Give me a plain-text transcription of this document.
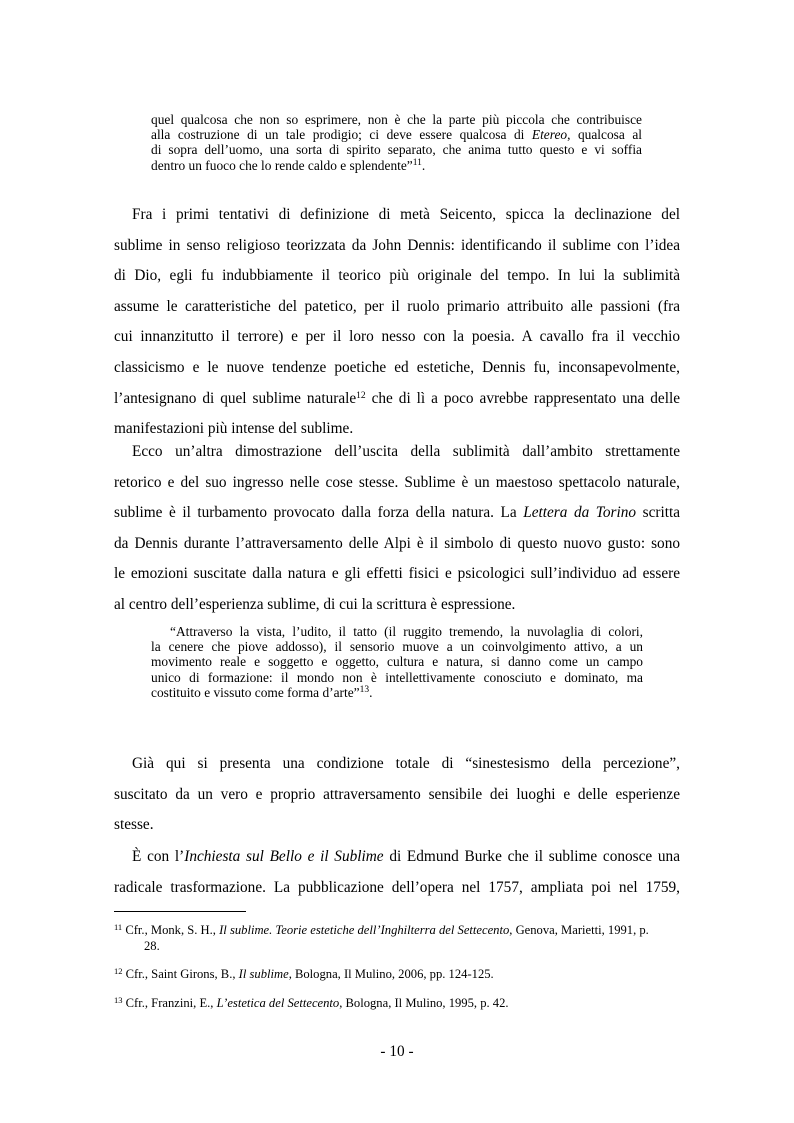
quel qualcosa che non so esprimere, non è che la parte più piccola che contribuisce
alla costruzione di un tale prodigio; ci deve essere qualcosa di Etereo, qualcosa al
di sopra dell’uomo, una sorta di spirito separato, che anima tutto questo e vi soffia
dentro un fuoco che lo rende caldo e splendente”$^{11}$.
Fra i primi tentativi di definizione di metà Seicento, spicca la declinazione del
sublime in senso religioso teorizzata da John Dennis: identificando il sublime con l’idea
di Dio, egli fu indubbiamente il teorico più originale del tempo. In lui la sublimità
assume le caratteristiche del patetico, per il ruolo primario attribuito alle passioni (fra
cui innanzitutto il terrore) e per il loro nesso con la poesia. A cavallo fra il vecchio
classicismo e le nuove tendenze poetiche ed estetiche, Dennis fu, inconsapevolmente,
l’antesignano di quel sublime naturale$^{12}$ che di lì a poco avrebbe rappresentato una delle
manifestazioni più intense del sublime.
Ecco un’altra dimostrazione dell’uscita della sublimità dall’ambito strettamente
retorico e del suo ingresso nelle cose stesse. Sublime è un maestoso spettacolo naturale,
sublime è il turbamento provocato dalla forza della natura. La Lettera da Torino scritta
da Dennis durante l’attraversamento delle Alpi è il simbolo di questo nuovo gusto: sono
le emozioni suscitate dalla natura e gli effetti fisici e psicologici sull’individuo ad essere
al centro dell’esperienza sublime, di cui la scrittura è espressione.
“Attraverso la vista, l’udito, il tatto (il ruggito tremendo, la nuvolaglia di colori,
la cenere che piove addosso), il sensorio muove a un coinvolgimento attivo, a un
movimento reale e soggetto e oggetto, cultura e natura, si danno come un campo
unico di formazione: il mondo non è intellettivamente conosciuto e dominato, ma
costituito e vissuto come forma d’arte”$^{13}$.
Già qui si presenta una condizione totale di “sinestesismo della percezione”,
suscitato da un vero e proprio attraversamento sensibile dei luoghi e delle esperienze
stesse.
È con l’Inchiesta sul Bello e il Sublime di Edmund Burke che il sublime conosce una
radicale trasformazione. La pubblicazione dell’opera nel 1757, ampliata poi nel 1759,
$^{11}$ Cfr., Monk, S. H., Il sublime. Teorie estetiche dell’Inghilterra del Settecento, Genova, Marietti, 1991, p.
28.
$^{12}$ Cfr., Saint Girons, B., Il sublime, Bologna, Il Mulino, 2006, pp. 124-125.
$^{13}$ Cfr., Franzini, E., L’estetica del Settecento, Bologna, Il Mulino, 1995, p. 42.
- 10 -
